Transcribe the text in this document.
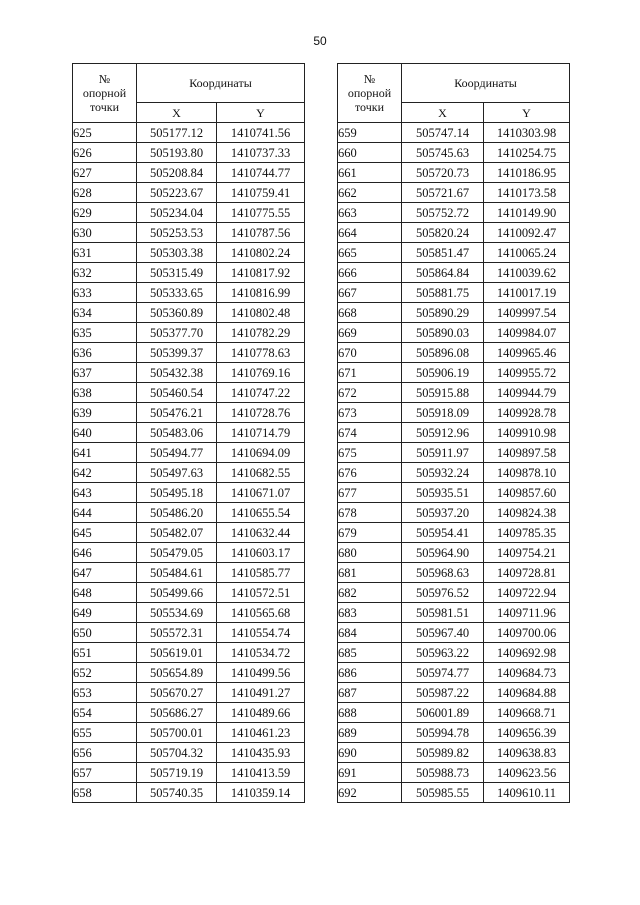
50
№
опорной
точки	Координаты	
	X	Y
625	505177.12	1410741.56
626	505193.80	1410737.33
627	505208.84	1410744.77
628	505223.67	1410759.41
629	505234.04	1410775.55
630	505253.53	1410787.56
631	505303.38	1410802.24
632	505315.49	1410817.92
633	505333.65	1410816.99
634	505360.89	1410802.48
635	505377.70	1410782.29
636	505399.37	1410778.63
637	505432.38	1410769.16
638	505460.54	1410747.22
639	505476.21	1410728.76
640	505483.06	1410714.79
641	505494.77	1410694.09
642	505497.63	1410682.55
643	505495.18	1410671.07
644	505486.20	1410655.54
645	505482.07	1410632.44
646	505479.05	1410603.17
647	505484.61	1410585.77
648	505499.66	1410572.51
649	505534.69	1410565.68
650	505572.31	1410554.74
651	505619.01	1410534.72
652	505654.89	1410499.56
653	505670.27	1410491.27
654	505686.27	1410489.66
655	505700.01	1410461.23
656	505704.32	1410435.93
657	505719.19	1410413.59
658	505740.35	1410359.14
№
опорной
точки	Координаты	
	X	Y
659	505747.14	1410303.98
660	505745.63	1410254.75
661	505720.73	1410186.95
662	505721.67	1410173.58
663	505752.72	1410149.90
664	505820.24	1410092.47
665	505851.47	1410065.24
666	505864.84	1410039.62
667	505881.75	1410017.19
668	505890.29	1409997.54
669	505890.03	1409984.07
670	505896.08	1409965.46
671	505906.19	1409955.72
672	505915.88	1409944.79
673	505918.09	1409928.78
674	505912.96	1409910.98
675	505911.97	1409897.58
676	505932.24	1409878.10
677	505935.51	1409857.60
678	505937.20	1409824.38
679	505954.41	1409785.35
680	505964.90	1409754.21
681	505968.63	1409728.81
682	505976.52	1409722.94
683	505981.51	1409711.96
684	505967.40	1409700.06
685	505963.22	1409692.98
686	505974.77	1409684.73
687	505987.22	1409684.88
688	506001.89	1409668.71
689	505994.78	1409656.39
690	505989.82	1409638.83
691	505988.73	1409623.56
692	505985.55	1409610.11
